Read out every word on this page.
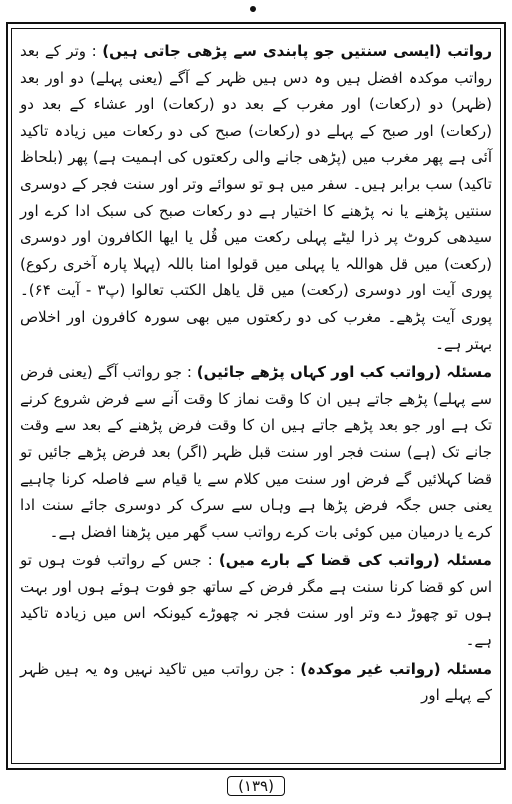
رواتب (ایسی سنتیں جو پابندی سے پڑھی جاتی ہیں) : وتر کے بعد رواتب موکدہ افضل ہیں وہ دس ہیں ظہر کے آگے (یعنی پہلے) دو اور بعد (ظہر) دو (رکعات) اور مغرب کے بعد دو (رکعات) اور عشاء کے بعد دو (رکعات) اور صبح کے پہلے دو (رکعات) صبح کی دو رکعات میں زیادہ تاکید آئی ہے پھر مغرب میں (پڑھی جانے والی رکعتوں کی اہمیت ہے) پھر (بلحاظ تاکید) سب برابر ہیں۔ سفر میں ہو تو سوائے وتر اور سنت فجر کے دوسری سنتیں پڑھنے یا نہ پڑھنے کا اختیار ہے دو رکعات صبح کی سبک ادا کرے اور سیدھی کروٹ پر ذرا لیٹے پہلی رکعت میں قُل یا ایھا الکافرون اور دوسری (رکعت) میں قل ھواللہ یا پہلی میں قولوا امنا باللہ (پہلا پارہ آخری رکوع) پوری آیت اور دوسری (رکعت) میں قل یاھل الکتب تعالوا (پ۳ - آیت ۶۴)۔ پوری آیت پڑھے۔ مغرب کی دو رکعتوں میں بھی سورہ کافرون اور اخلاص بہتر ہے۔

مسئلہ (رواتب کب اور کہاں پڑھے جائیں) : جو رواتب آگے (یعنی فرض سے پہلے) پڑھے جاتے ہیں ان کا وقت نماز کا وقت آنے سے فرض شروع کرنے تک ہے اور جو بعد پڑھے جاتے ہیں ان کا وقت فرض پڑھنے کے بعد سے وقت جانے تک (ہے) سنت فجر اور سنت قبل ظہر (اگر) بعد فرض پڑھے جائیں تو قضا کہلائیں گے فرض اور سنت میں کلام سے یا قیام سے فاصلہ کرنا چاہیے یعنی جس جگہ فرض پڑھا ہے وہاں سے سرک کر دوسری جائے سنت ادا کرے یا درمیان میں کوئی بات کرے رواتب سب گھر میں پڑھنا افضل ہے۔

مسئلہ (رواتب کی قضا کے بارے میں) : جس کے رواتب فوت ہوں تو اس کو قضا کرنا سنت ہے مگر فرض کے ساتھ جو فوت ہوئے ہوں اور بہت ہوں تو چھوڑ دے وتر اور سنت فجر نہ چھوڑے کیونکہ اس میں زیادہ تاکید ہے۔

مسئلہ (رواتب غیر موکدہ) : جن رواتب میں تاکید نہیں وہ یہ ہیں ظہر کے پہلے اور

(۱۳۹)
